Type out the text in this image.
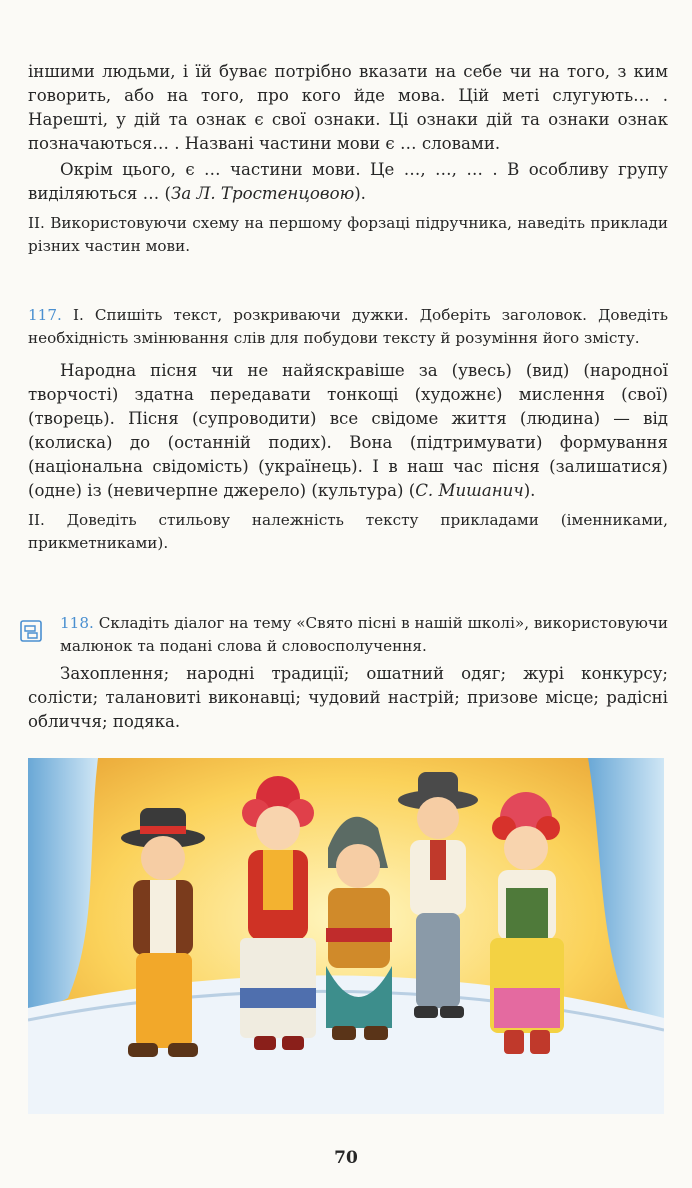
іншими людьми, і їй буває потрібно вказати на себе чи на того, з ким говорить, або на того, про кого йде мова. Цій меті слугують… . Нарешті, у дій та ознак є свої ознаки. Ці ознаки дій та ознаки ознак позначаються… . Названі частини мови є … словами.

Окрім цього, є … частини мови. Це …, …, … . В особливу групу виділяються … (За Л. Тростенцовою).

II. Використовуючи схему на першому форзаці підручника, наведіть приклади різних частин мови.

117. I. Спишіть текст, розкриваючи дужки. Доберіть заголовок. Доведіть необхідність змінювання слів для побудови тексту й розуміння його змісту.

Народна пісня чи не найяскравіше за (увесь) (вид) (народної творчості) здатна передавати тонкощі (художнє) мислення (свої) (творець). Пісня (супроводити) все свідоме життя (людина) — від (колиска) до (останній подих). Вона (підтримувати) формування (національна свідомість) (українець). І в наш час пісня (залишатися) (одне) із (невичерпне джерело) (культура) (С. Мишанич).

II. Доведіть стильову належність тексту прикладами (іменниками, прикметниками).

118. Складіть діалог на тему «Свято пісні в нашій школі», використовуючи малюнок та подані слова й словосполучення.

Захоплення; народні традиції; ошатний одяг; журі конкурсу; солісти; талановиті виконавці; чудовий настрій; призове місце; радісні обличчя; подяка.

70
